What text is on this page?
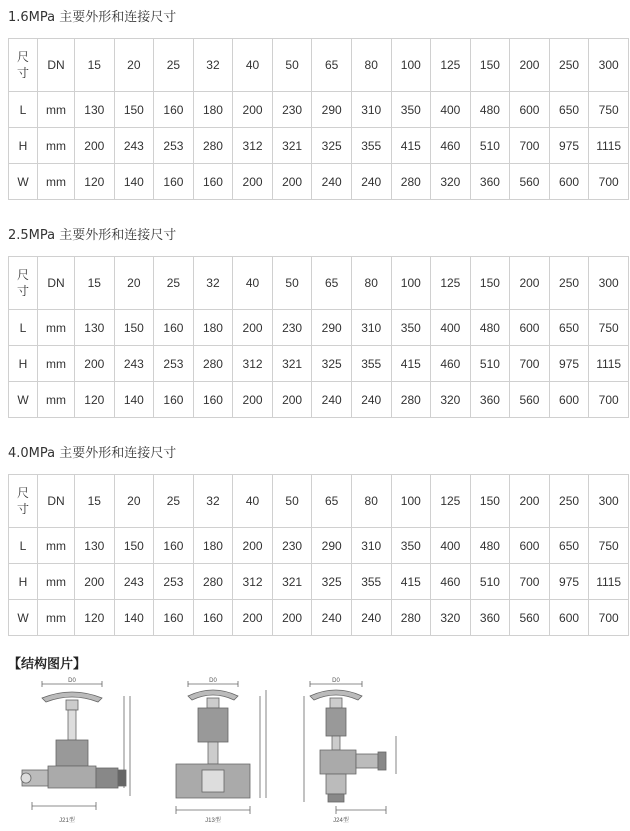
1.6MPa 主要外形和连接尺寸
尺
寸	DN	15	20	25	32	40	50	65	80	100	125	150	200	250	300
L	mm	130	150	160	180	200	230	290	310	350	400	480	600	650	750
H	mm	200	243	253	280	312	321	325	355	415	460	510	700	975	1115
W	mm	120	140	160	160	200	200	240	240	280	320	360	560	600	700
2.5MPa 主要外形和连接尺寸
尺
寸	DN	15	20	25	32	40	50	65	80	100	125	150	200	250	300
L	mm	130	150	160	180	200	230	290	310	350	400	480	600	650	750
H	mm	200	243	253	280	312	321	325	355	415	460	510	700	975	1115
W	mm	120	140	160	160	200	200	240	240	280	320	360	560	600	700
4.0MPa 主要外形和连接尺寸
尺
寸	DN	15	20	25	32	40	50	65	80	100	125	150	200	250	300
L	mm	130	150	160	180	200	230	290	310	350	400	480	600	650	750
H	mm	200	243	253	280	312	321	325	355	415	460	510	700	975	1115
W	mm	120	140	160	160	200	200	240	240	280	320	360	560	600	700
【结构图片】
D0
J21型
D0
J13型
D0
J24型
